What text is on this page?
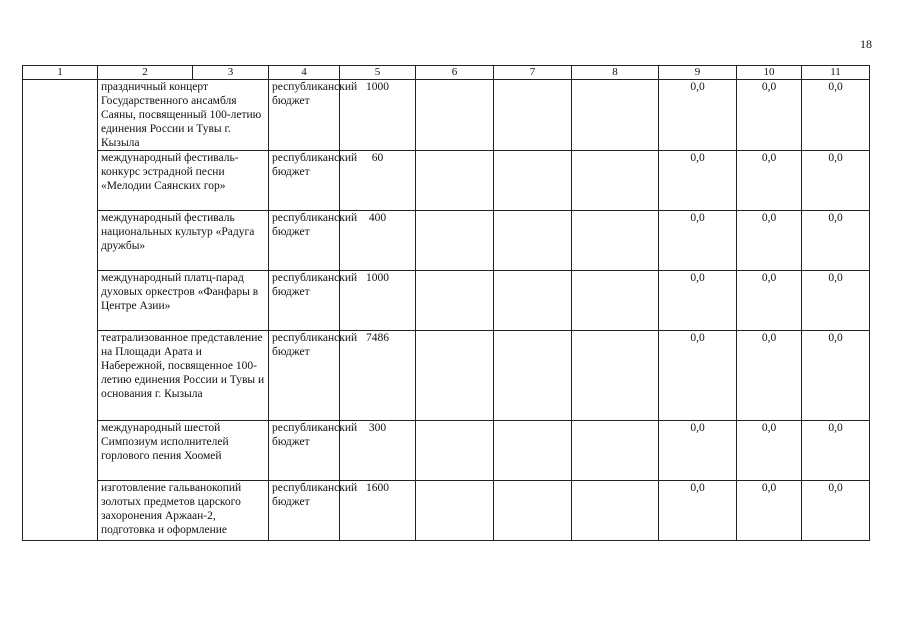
18
1	2	3	4	5	6	7	8	9	10	11
	праздничный концерт Государственного ансамбля Саяны, посвященный 100-летию единения России и Тувы г. Кызыла		республиканский бюджет	1000				0,0	0,0	0,0
	международный фестиваль-конкурс эстрадной песни «Мелодии Саянских гор»		республиканский бюджет	60				0,0	0,0	0,0
	международный фестиваль национальных культур «Радуга дружбы»		республиканский бюджет	400				0,0	0,0	0,0
	международный платц-парад духовых оркестров «Фанфары в Центре Азии»		республиканский бюджет	1000				0,0	0,0	0,0
	театрализованное представление на Площади Арата и Набережной, посвященное 100-летию единения России и Тувы и основания г. Кызыла		республиканский бюджет	7486				0,0	0,0	0,0
	международный шестой Симпозиум исполнителей горлового пения Хоомей		республиканский бюджет	300				0,0	0,0	0,0
	изготовление гальванокопий золотых предметов царского захоронения Аржаан-2, подготовка и оформление		республиканский бюджет	1600				0,0	0,0	0,0
